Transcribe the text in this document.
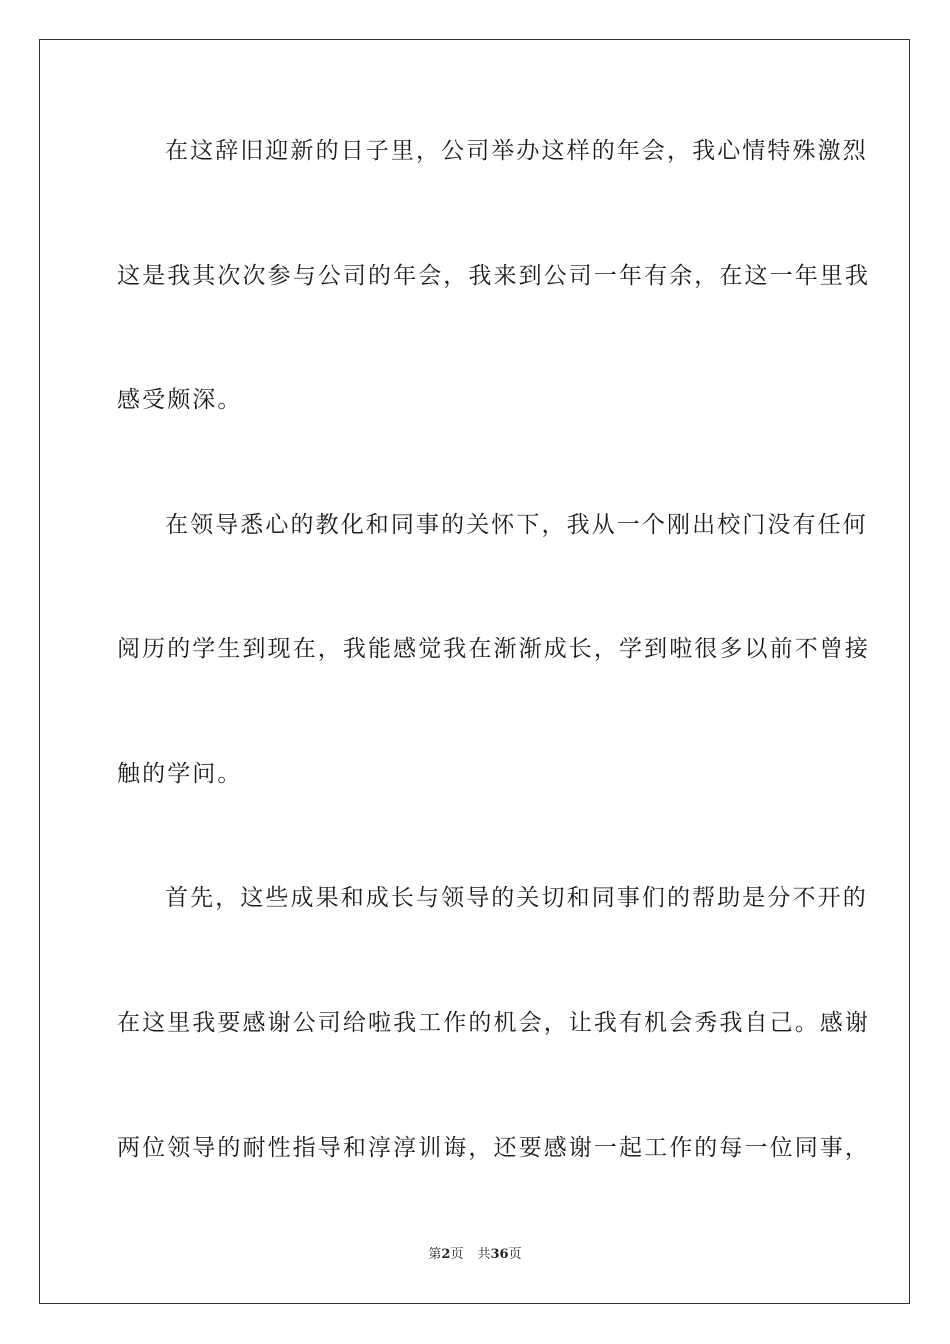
在这辞旧迎新的日子里，公司举办这样的年会，我心情特殊激烈
这是我其次次参与公司的年会，我来到公司一年有余，在这一年里我
感受颇深。
在领导悉心的教化和同事的关怀下，我从一个刚出校门没有任何
阅历的学生到现在，我能感觉我在渐渐成长，学到啦很多以前不曾接
触的学问。
首先，这些成果和成长与领导的关切和同事们的帮助是分不开的
在这里我要感谢公司给啦我工作的机会，让我有机会秀我自己。感谢
两位领导的耐性指导和淳淳训诲，还要感谢一起工作的每一位同事，
第2页 共36页
